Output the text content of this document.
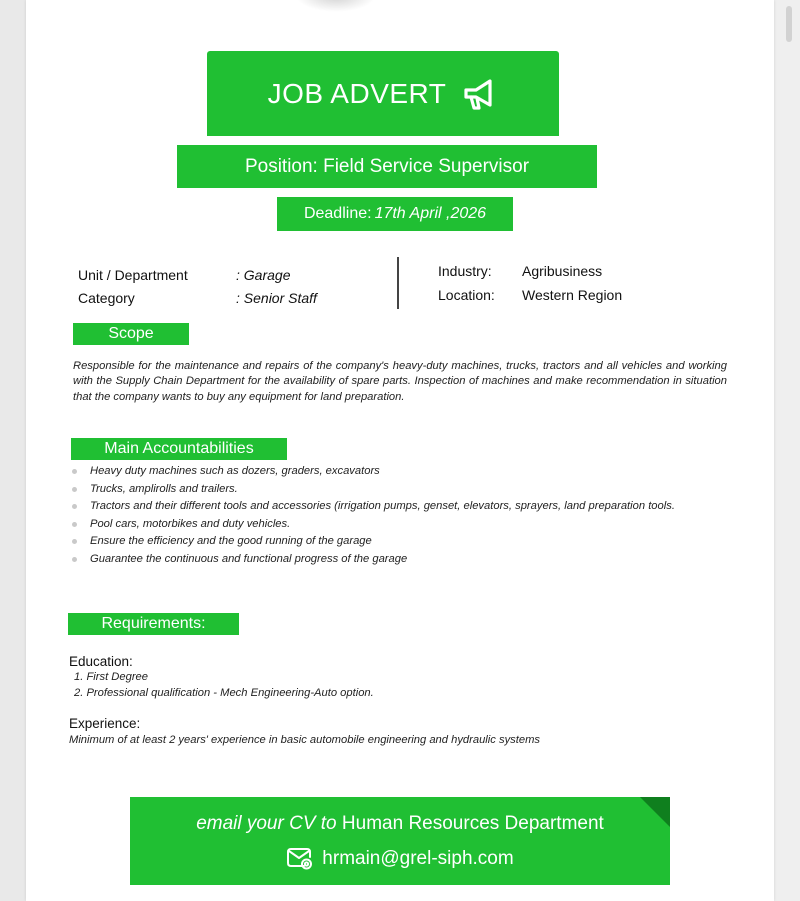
JOB ADVERT
Position: Field Service Supervisor
Deadline: 17th April ,2026
Unit / Department	: Garage
Category	: Senior Staff
Industry: Agribusiness
Location: Western Region
Scope
Responsible for the maintenance and repairs of the company's heavy-duty machines, trucks, tractors and all vehicles and working with the Supply Chain Department for the availability of spare parts. Inspection of machines and make recommendation in situation that the company wants to buy any equipment for land preparation.
Main Accountabilities
Heavy duty machines such as dozers, graders, excavators
Trucks, amplirolls and trailers.
Tractors and their different tools and accessories (irrigation pumps, genset, elevators, sprayers, land preparation tools.
Pool cars, motorbikes and duty vehicles.
Ensure the efficiency and the good running of the garage
Guarantee the continuous and functional progress of the garage
Requirements:
Education:
1. First Degree
2. Professional qualification - Mech Engineering-Auto option.
Experience:
Minimum of at least 2 years' experience in basic automobile engineering and hydraulic systems
email your CV to Human Resources Department
hrmain@grel-siph.com
